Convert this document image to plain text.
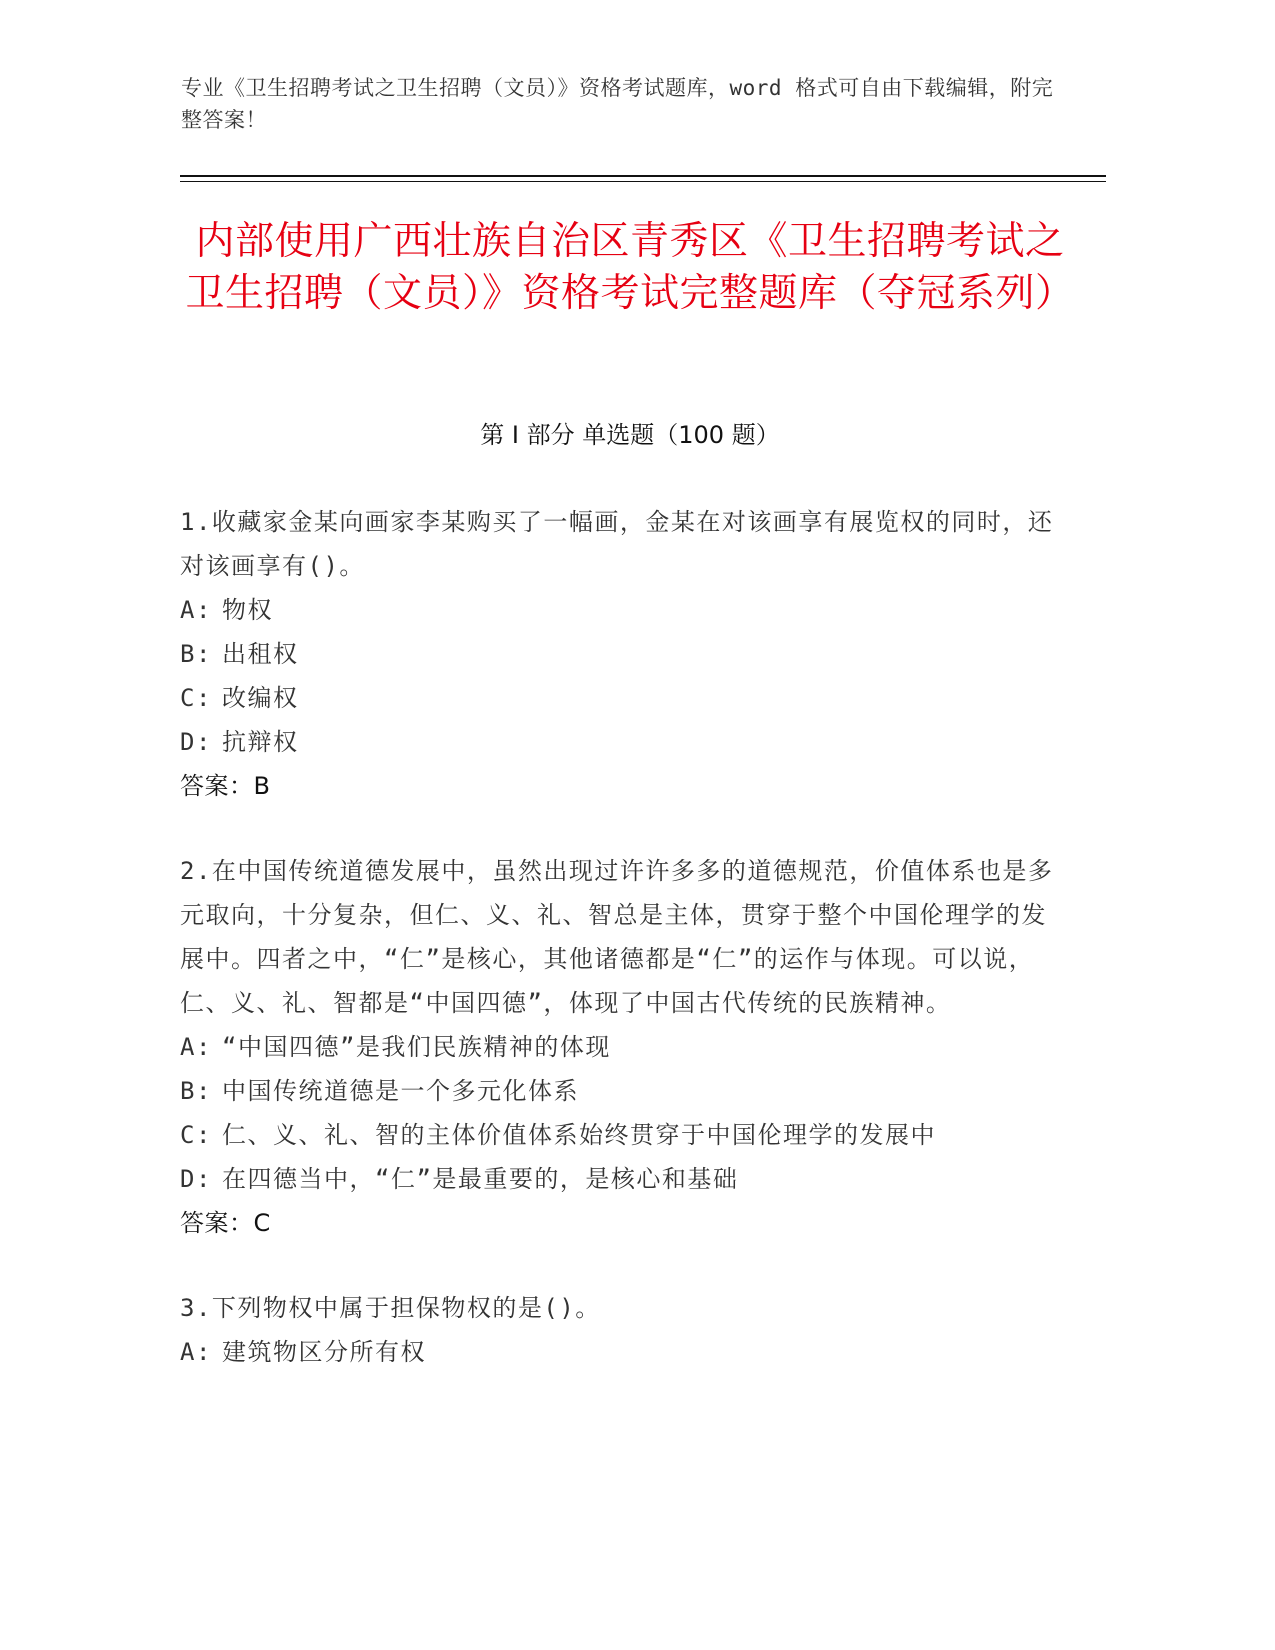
专业《卫生招聘考试之卫生招聘（文员）》资格考试题库，word 格式可自由下载编辑，附完整答案！
内部使用广西壮族自治区青秀区《卫生招聘考试之卫生招聘（文员）》资格考试完整题库（夺冠系列）
第 I 部分 单选题（100 题）
1.收藏家金某向画家李某购买了一幅画，金某在对该画享有展览权的同时，还对该画享有()。
A: 物权
B: 出租权
C: 改编权
D: 抗辩权
答案：B
2.在中国传统道德发展中，虽然出现过许许多多的道德规范，价值体系也是多元取向，十分复杂，但仁、义、礼、智总是主体，贯穿于整个中国伦理学的发展中。四者之中，“仁”是核心，其他诸德都是“仁”的运作与体现。可以说，仁、义、礼、智都是“中国四德”，体现了中国古代传统的民族精神。
A: “中国四德”是我们民族精神的体现
B: 中国传统道德是一个多元化体系
C: 仁、义、礼、智的主体价值体系始终贯穿于中国伦理学的发展中
D: 在四德当中，“仁”是最重要的，是核心和基础
答案：C
3.下列物权中属于担保物权的是()。
A: 建筑物区分所有权
